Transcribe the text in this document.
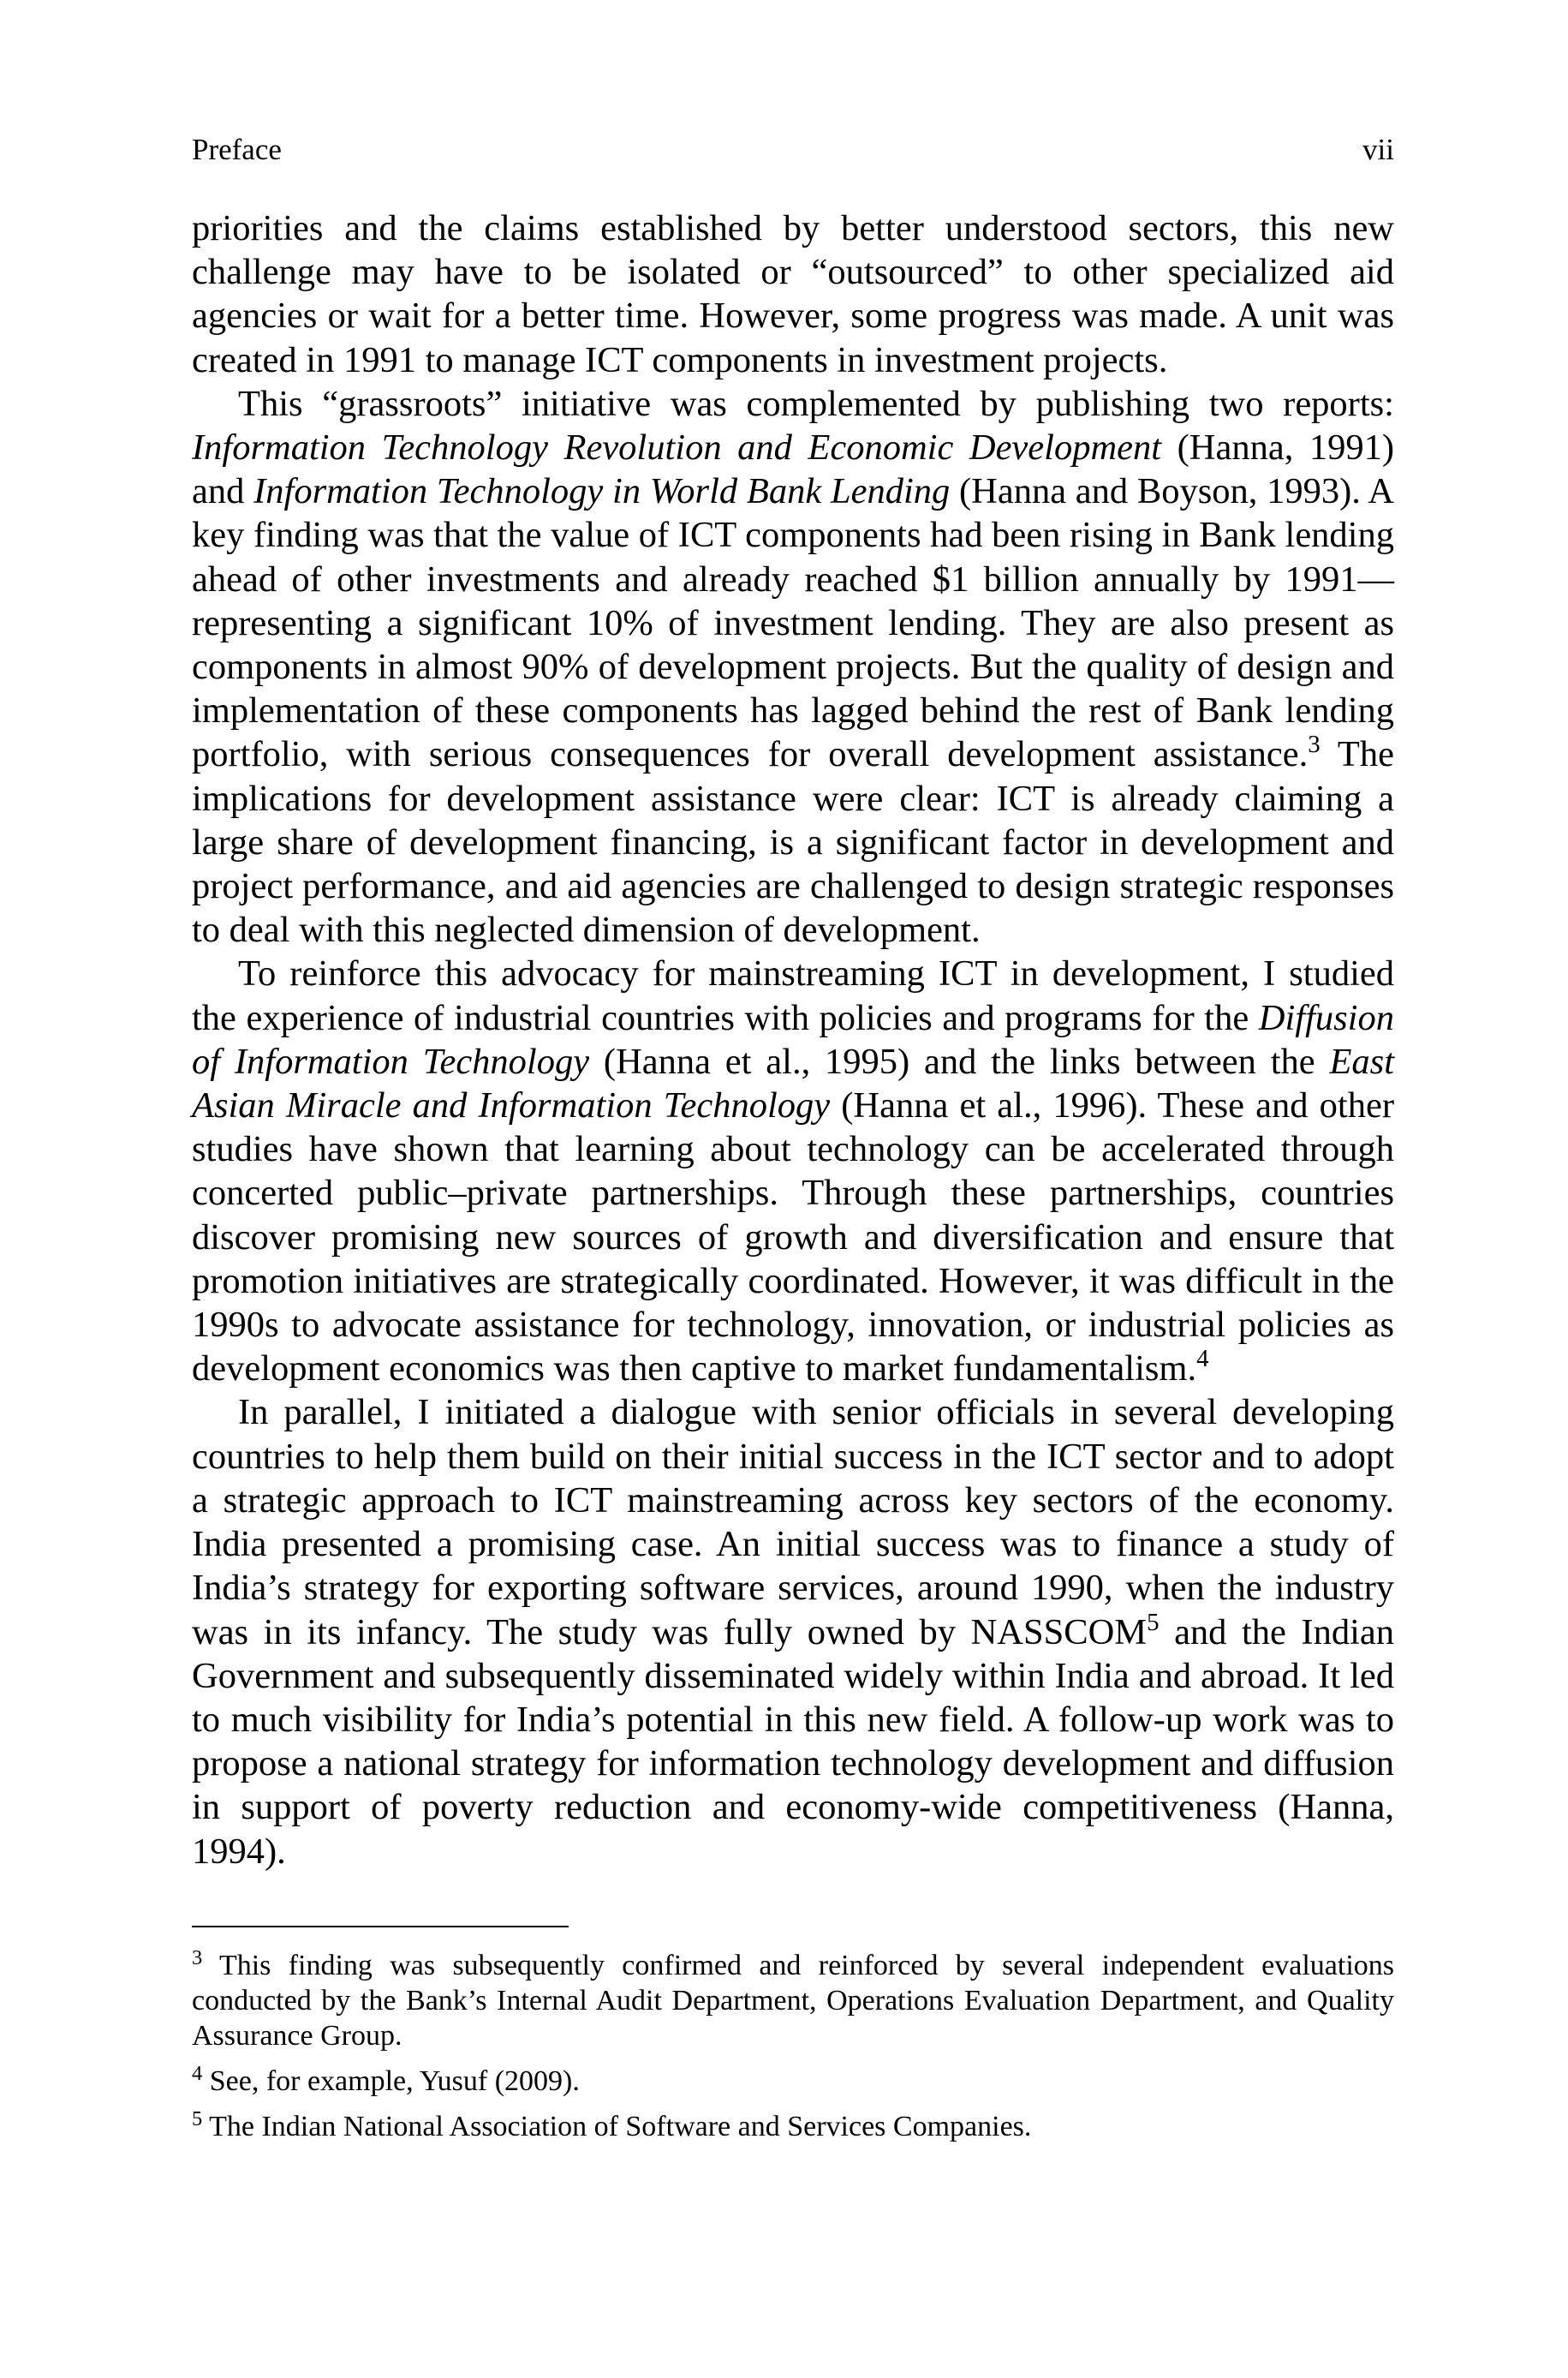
Preface	vii

priorities and the claims established by better understood sectors, this new challenge may have to be isolated or “outsourced” to other specialized aid agencies or wait for a better time. However, some progress was made. A unit was created in 1991 to manage ICT components in investment projects.

This “grassroots” initiative was complemented by publishing two reports: Information Technology Revolution and Economic Development (Hanna, 1991) and Information Technology in World Bank Lending (Hanna and Boyson, 1993). A key finding was that the value of ICT components had been rising in Bank lending ahead of other investments and already reached $1 billion annually by 1991—representing a significant 10% of investment lending. They are also present as components in almost 90% of development projects. But the quality of design and implementation of these components has lagged behind the rest of Bank lending portfolio, with serious consequences for overall development assistance.$^3$ The implications for development assistance were clear: ICT is already claiming a large share of development financing, is a significant factor in development and project performance, and aid agencies are challenged to design strategic responses to deal with this neglected dimension of development.

To reinforce this advocacy for mainstreaming ICT in development, I studied the experience of industrial countries with policies and programs for the Diffusion of Information Technology (Hanna et al., 1995) and the links between the East Asian Miracle and Information Technology (Hanna et al., 1996). These and other studies have shown that learning about technology can be accelerated through concerted public–private partnerships. Through these partnerships, countries discover promising new sources of growth and diversification and ensure that promotion initiatives are strategically coordinated. However, it was difficult in the 1990s to advocate assistance for technology, innovation, or industrial policies as development economics was then captive to market fundamentalism.$^4$

In parallel, I initiated a dialogue with senior officials in several developing countries to help them build on their initial success in the ICT sector and to adopt a strategic approach to ICT mainstreaming across key sectors of the economy. India presented a promising case. An initial success was to finance a study of India’s strategy for exporting software services, around 1990, when the industry was in its infancy. The study was fully owned by NASSCOM$^5$ and the Indian Government and subsequently disseminated widely within India and abroad. It led to much visibility for India’s potential in this new field. A follow-up work was to propose a national strategy for information technology development and diffusion in support of poverty reduction and economy-wide competitiveness (Hanna, 1994).

$^3$ This finding was subsequently confirmed and reinforced by several independent evaluations conducted by the Bank’s Internal Audit Department, Operations Evaluation Department, and Quality Assurance Group.

$^4$ See, for example, Yusuf (2009).

$^5$ The Indian National Association of Software and Services Companies.
